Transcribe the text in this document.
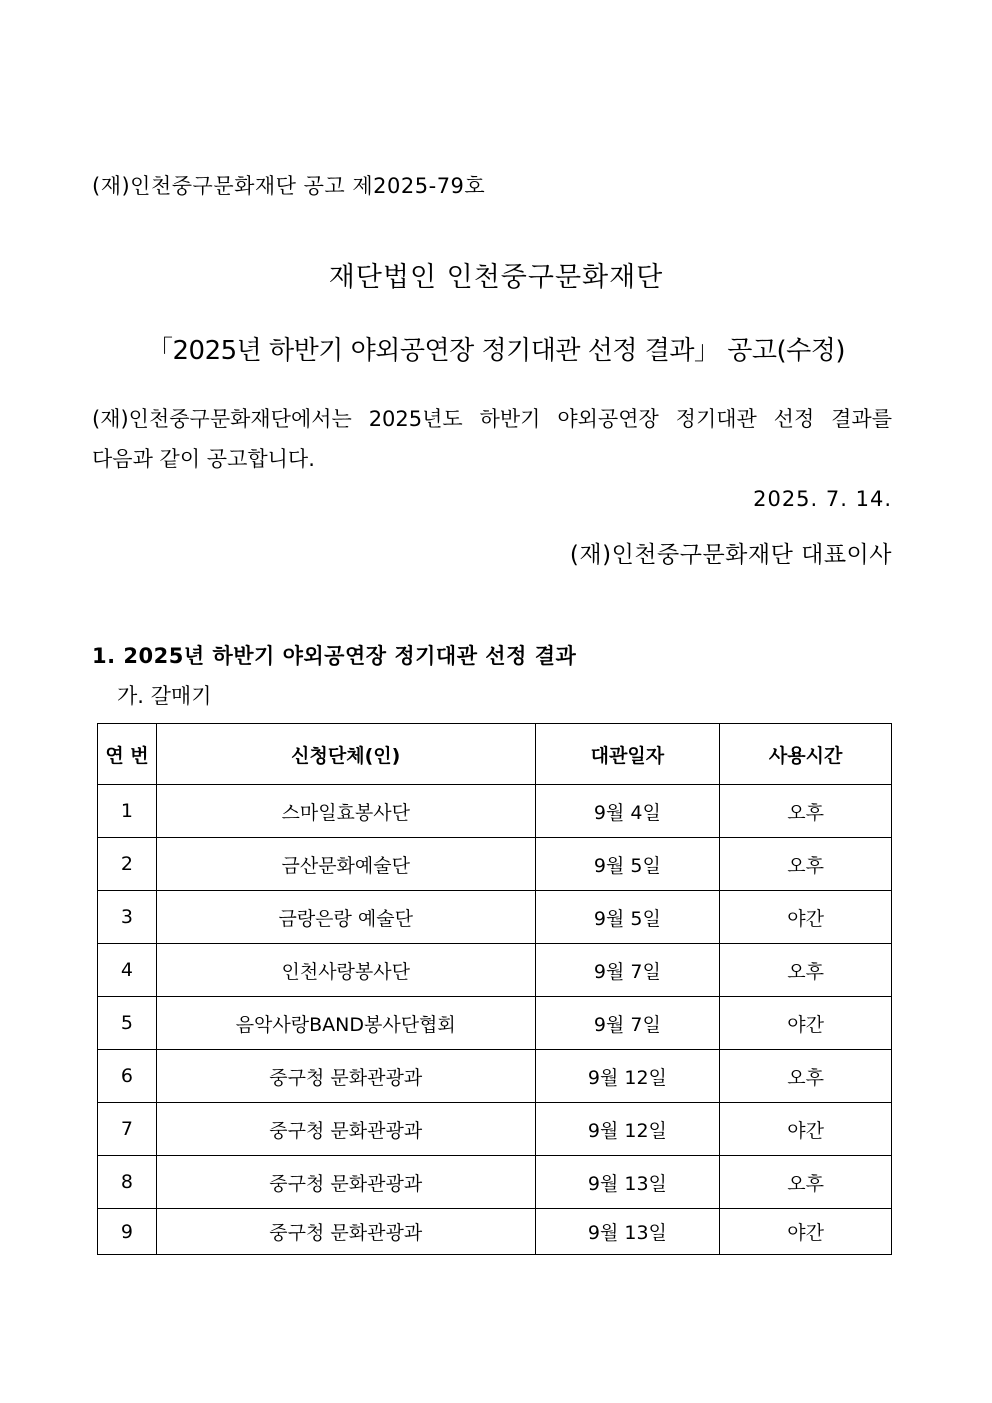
(재)인천중구문화재단 공고 제2025-79호
재단법인 인천중구문화재단
「2025년 하반기 야외공연장 정기대관 선정 결과」 공고(수정)
(재)인천중구문화재단에서는 2025년도 하반기 야외공연장 정기대관 선정 결과를
다음과 같이 공고합니다.
2025. 7. 14.
(재)인천중구문화재단 대표이사
1. 2025년 하반기 야외공연장 정기대관 선정 결과
가. 갈매기
연 번	신청단체(인)	대관일자	사용시간
1	스마일효봉사단	9월 4일	오후
2	금산문화예술단	9월 5일	오후
3	금랑은랑 예술단	9월 5일	야간
4	인천사랑봉사단	9월 7일	오후
5	음악사랑BAND봉사단협회	9월 7일	야간
6	중구청 문화관광과	9월 12일	오후
7	중구청 문화관광과	9월 12일	야간
8	중구청 문화관광과	9월 13일	오후
9	중구청 문화관광과	9월 13일	야간
